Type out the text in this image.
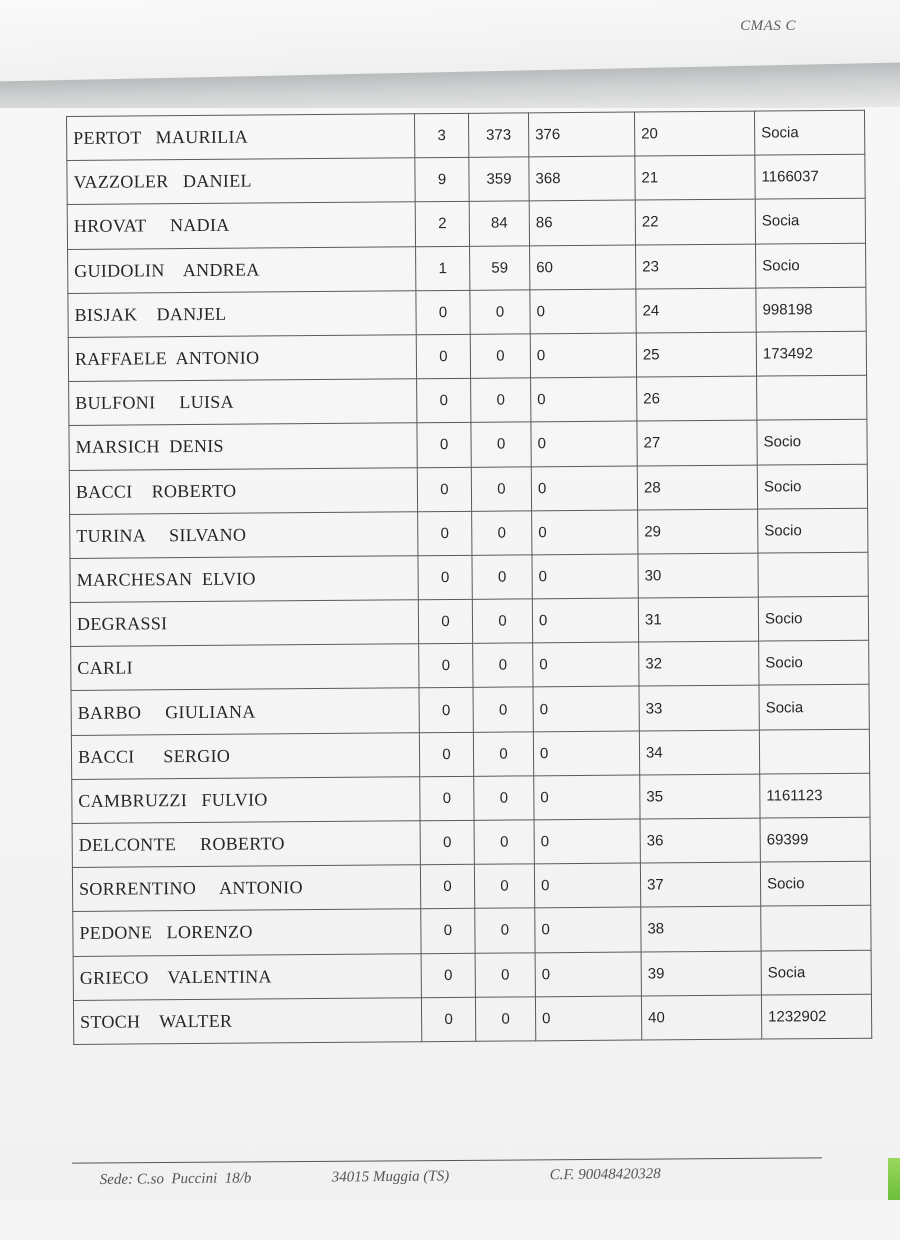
CMAS C
PERTOT   MAURILIA	3	373	376	20	Socia
VAZZOLER   DANIEL	9	359	368	21	1166037
HROVAT     NADIA	2	84	86	22	Socia
GUIDOLIN    ANDREA	1	59	60	23	Socio
BISJAK    DANJEL	0	0	0	24	998198
RAFFAELE  ANTONIO	0	0	0	25	173492
BULFONI     LUISA	0	0	0	26	
MARSICH  DENIS	0	0	0	27	Socio
BACCI    ROBERTO	0	0	0	28	Socio
TURINA     SILVANO	0	0	0	29	Socio
MARCHESAN  ELVIO	0	0	0	30	
DEGRASSI	0	0	0	31	Socio
CARLI	0	0	0	32	Socio
BARBO     GIULIANA	0	0	0	33	Socia
BACCI      SERGIO	0	0	0	34	
CAMBRUZZI   FULVIO	0	0	0	35	1161123
DELCONTE     ROBERTO	0	0	0	36	69399
SORRENTINO     ANTONIO	0	0	0	37	Socio
PEDONE   LORENZO	0	0	0	38	
GRIECO    VALENTINA	0	0	0	39	Socia
STOCH    WALTER	0	0	0	40	1232902

Sede: C.so  Puccini  18/b

	34015 Muggia (TS)

	C.F. 90048420328
